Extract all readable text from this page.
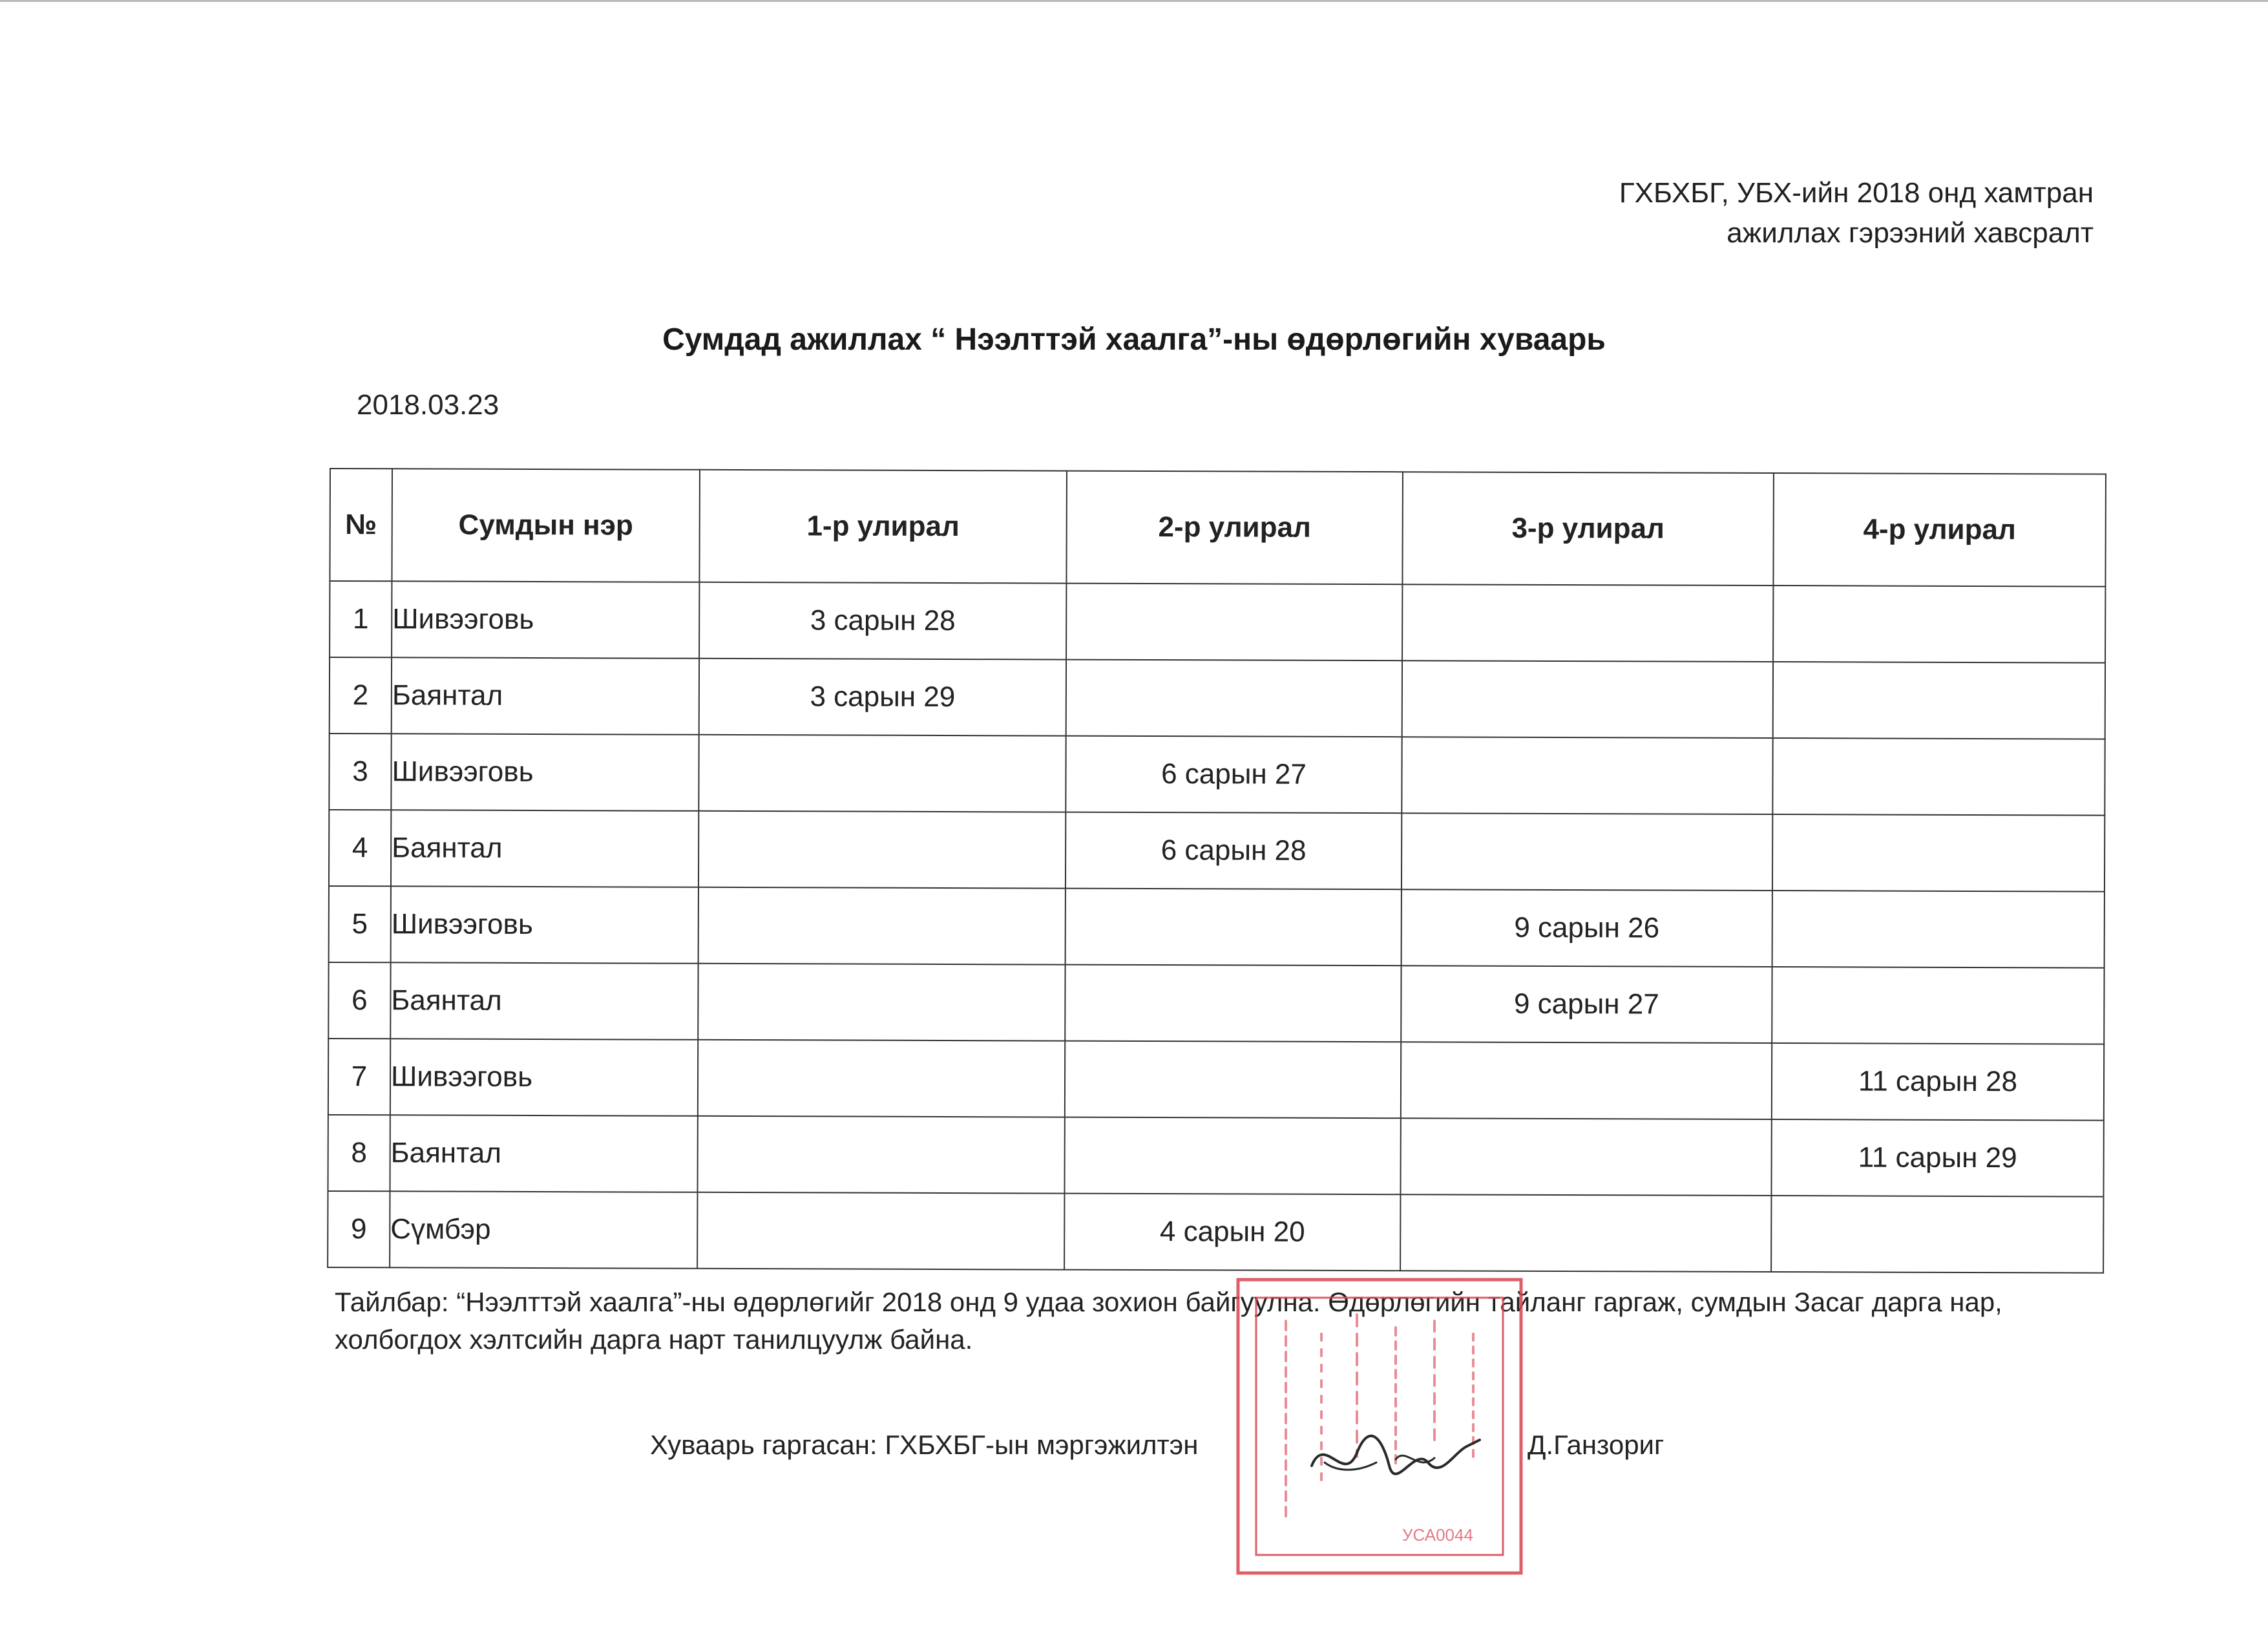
ГХБХБГ, УБХ-ийн 2018 онд хамтран
ажиллах гэрээний хавсралт
Сумдад ажиллах “ Нээлттэй хаалга”-ны өдөрлөгийн хуваарь
2018.03.23
№	Сумдын нэр	1-р улирал	2-р улирал	3-р улирал	4-р улирал
1	Шивээговь	3 сарын 28			
2	Баянтал	3 сарын 29			
3	Шивээговь		6 сарын 27		
4	Баянтал		6 сарын 28		
5	Шивээговь			9 сарын 26	
6	Баянтал			9 сарын 27	
7	Шивээговь				11 сарын 28
8	Баянтал				11 сарын 29
9	Сүмбэр		4 сарын 20		
Тайлбар: “Нээлттэй хаалга”-ны өдөрлөгийг 2018 онд 9 удаа зохион байгуулна. Өдөрлөгийн тайланг гаргаж, сумдын Засаг дарга нар, холбогдох хэлтсийн дарга нарт танилцуулж байна.
УСА0044
Хуваарь гаргасан: ГХБХБГ-ын мэргэжилтэн	Д.Ганзориг
